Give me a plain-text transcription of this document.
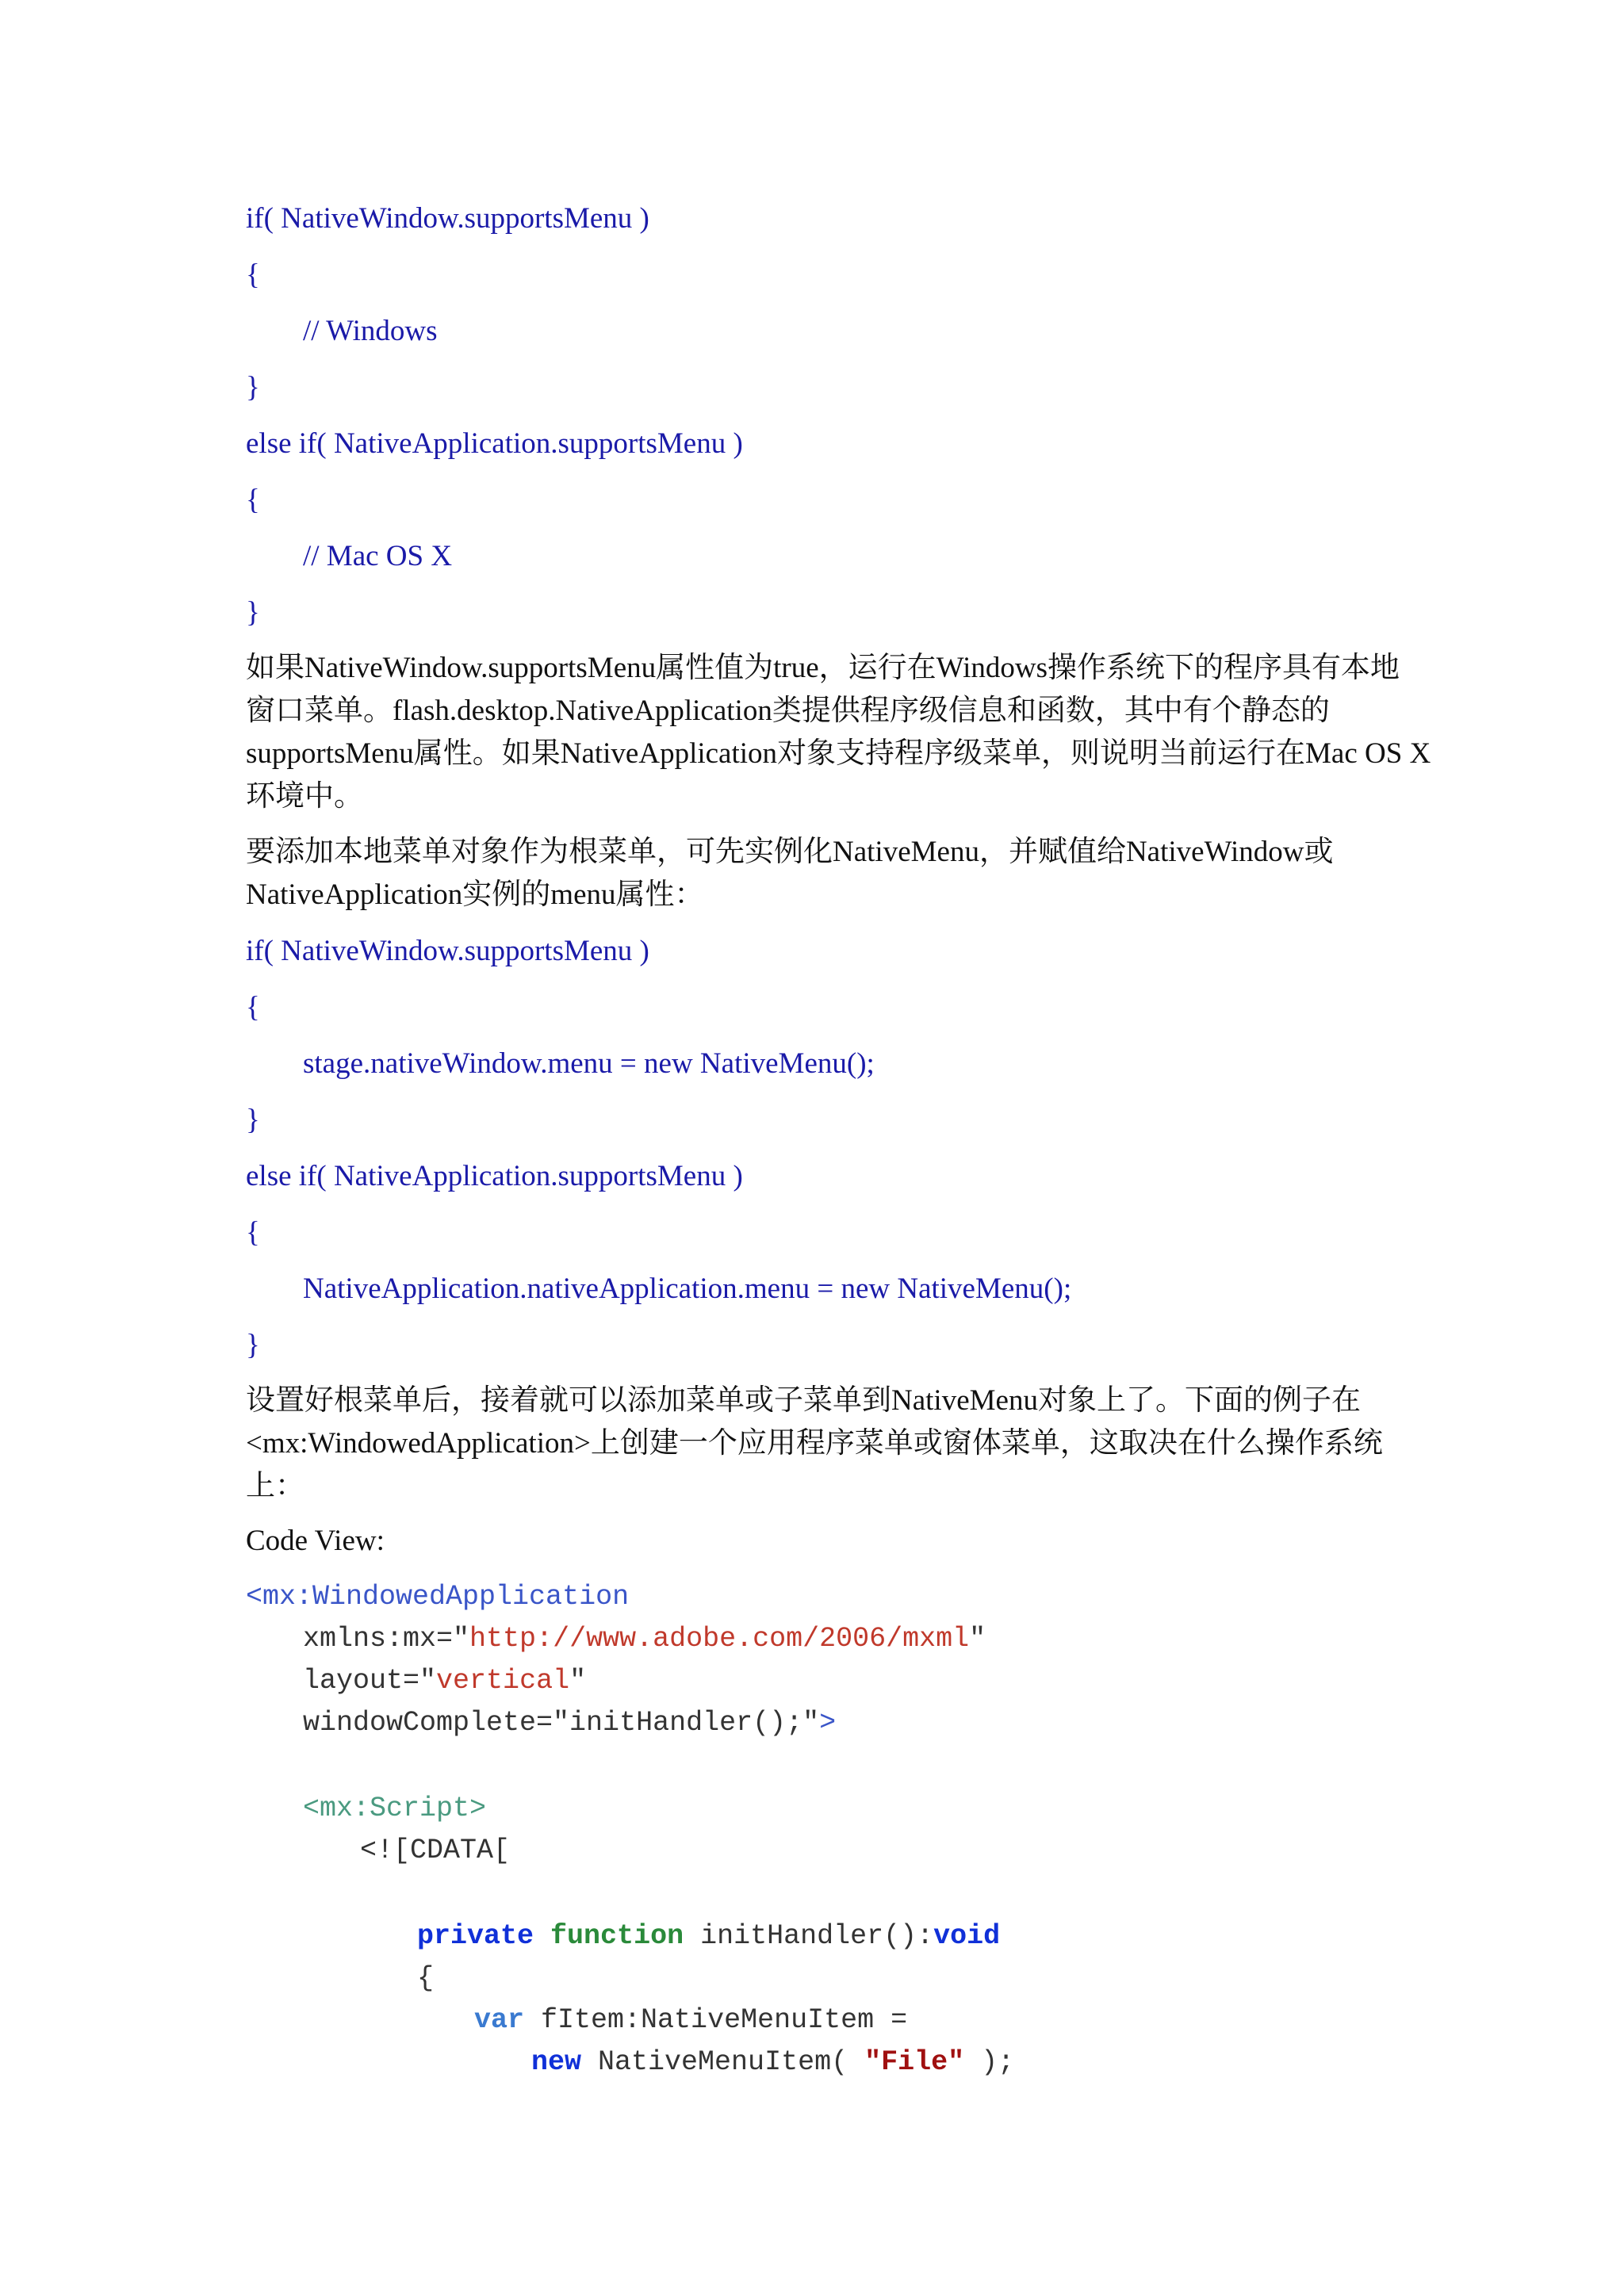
if( NativeWindow.supportsMenu )
{
// Windows
}
else if( NativeApplication.supportsMenu )
{
// Mac OS X
}
如果NativeWindow.supportsMenu属性值为true，运行在Windows操作系统下的程序具有本地
窗口菜单。flash.desktop.NativeApplication类提供程序级信息和函数，其中有个静态的
supportsMenu属性。如果NativeApplication对象支持程序级菜单，则说明当前运行在Mac OS X
环境中。
要添加本地菜单对象作为根菜单，可先实例化NativeMenu，并赋值给NativeWindow或
NativeApplication实例的menu属性：
if( NativeWindow.supportsMenu )
{
stage.nativeWindow.menu = new NativeMenu();
}
else if( NativeApplication.supportsMenu )
{
NativeApplication.nativeApplication.menu = new NativeMenu();
}
设置好根菜单后，接着就可以添加菜单或子菜单到NativeMenu对象上了。下面的例子在
<mx:WindowedApplication>上创建一个应用程序菜单或窗体菜单，这取决在什么操作系统
上：
Code View:
<mx:WindowedApplication
xmlns:mx="http://www.adobe.com/2006/mxml"
layout="vertical"
windowComplete="initHandler();">
<mx:Script>
<![CDATA[
private function initHandler():void
{
var fItem:NativeMenuItem =
new NativeMenuItem( "File" );
